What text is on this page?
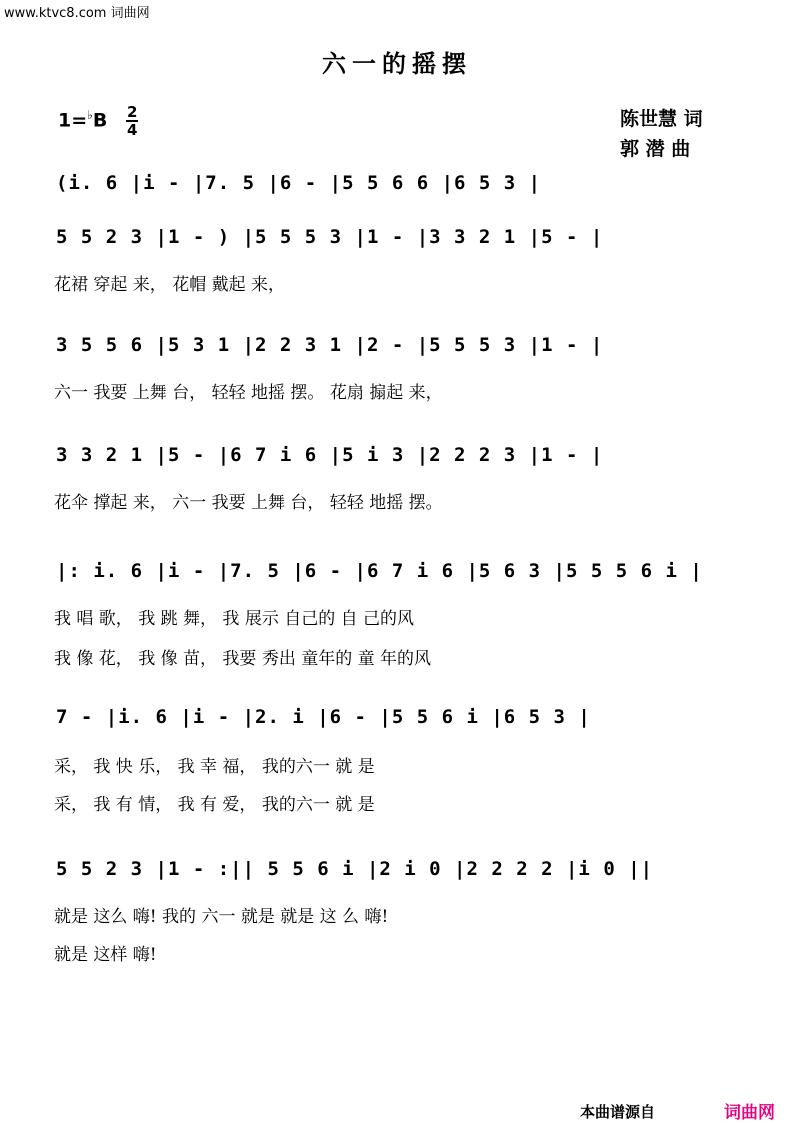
www.ktvc8.com 词曲网
六一的摇摆
1=♭B 2
4	陈世慧 词
郭 潜 曲
(i. 6 |i - |7. 5 |6 - |5 5 6 6 |6 5 3 |
5 5 2 3 |1 - ) |5 5 5 3 |1 - |3 3 2 1 |5 - |
花裙 穿起 来， 花帽 戴起 来，
3 5 5 6 |5 3 1 |2 2 3 1 |2 - |5 5 5 3 |1 - |
六一 我要 上舞 台， 轻轻 地摇 摆。 花扇 搧起 来，
3 3 2 1 |5 - |6 7 i 6 |5 i 3 |2 2 2 3 |1 - |
花伞 撑起 来， 六一 我要 上舞 台， 轻轻 地摇 摆。
|: i. 6 |i - |7. 5 |6 - |6 7 i 6 |5 6 3 |5 5 5 6 i |
我 唱 歌， 我 跳 舞， 我 展示 自己的 自 己的风
我 像 花， 我 像 苗， 我要 秀出 童年的 童 年的风
7 - |i. 6 |i - |2. i |6 - |5 5 6 i |6 5 3 |
采， 我 快 乐， 我 幸 福， 我的六一 就 是
采， 我 有 情， 我 有 爱， 我的六一 就 是
5 5 2 3 |1 - :|| 5 5 6 i |2 i 0 |2 2 2 2 |i 0 ||
就是 这么 嗨! 我的 六一 就是 就是 这 么 嗨!
就是 这样 嗨!
本曲谱源自	词曲网
